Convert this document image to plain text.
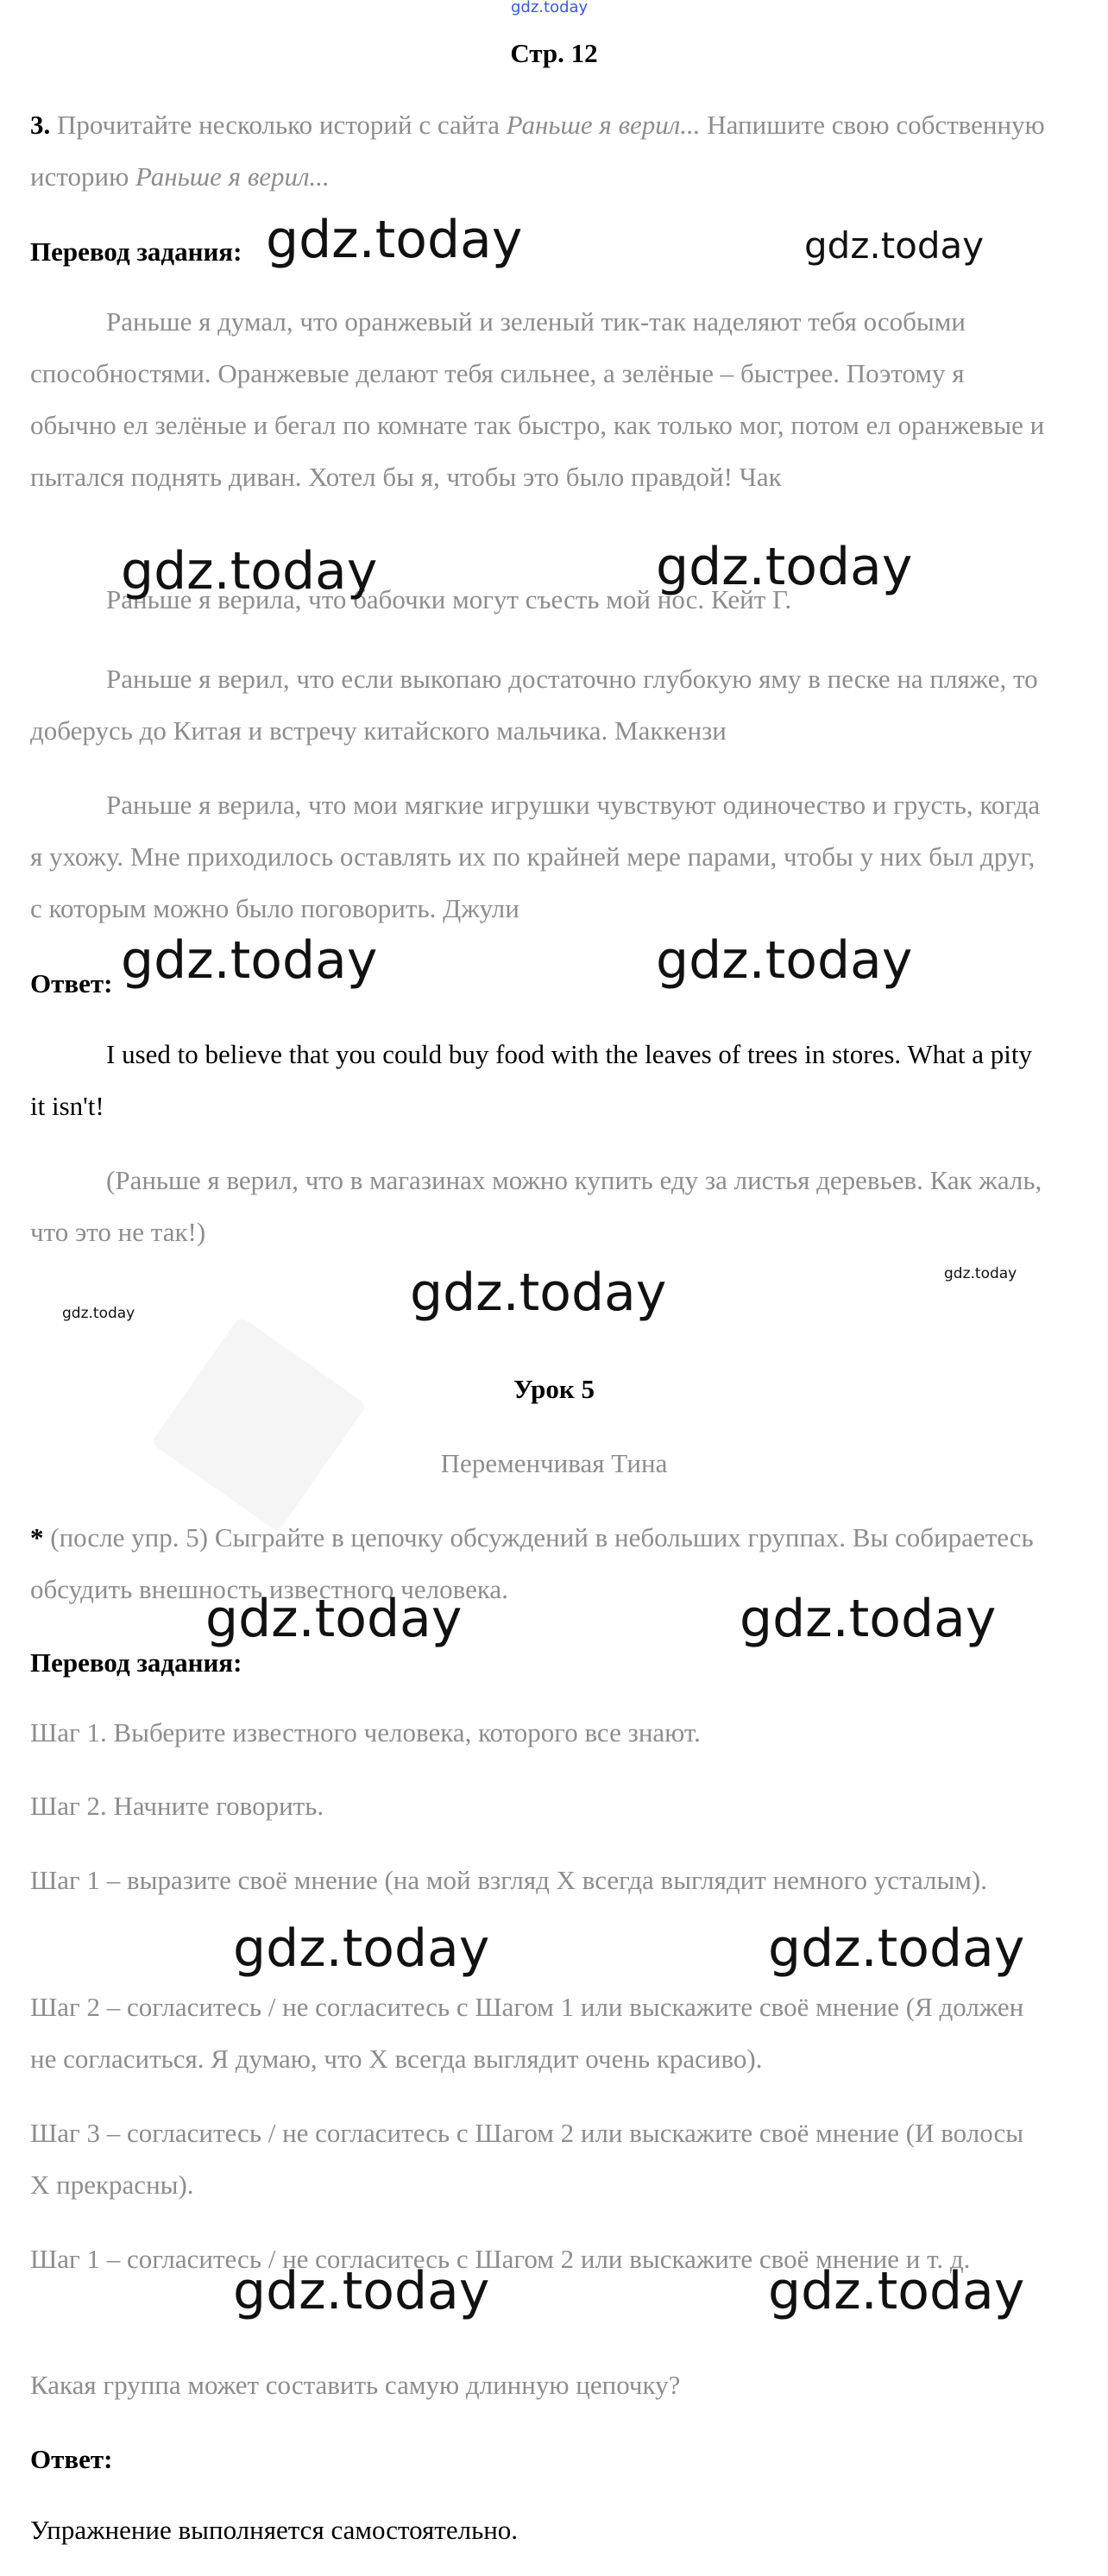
gdz.today

Стр. 12

3. Прочитайте несколько историй с сайта Раньше я верил... Напишите свою собственную историю Раньше я верил...

Перевод задания:

Раньше я думал, что оранжевый и зеленый тик-так наделяют тебя особыми способностями. Оранжевые делают тебя сильнее, а зелёные – быстрее. Поэтому я обычно ел зелёные и бегал по комнате так быстро, как только мог, потом ел оранжевые и пытался поднять диван. Хотел бы я, чтобы это было правдой! Чак

Раньше я верила, что бабочки могут съесть мой нос. Кейт Г.

Раньше я верил, что если выкопаю достаточно глубокую яму в песке на пляже, то доберусь до Китая и встречу китайского мальчика. Маккензи

Раньше я верила, что мои мягкие игрушки чувствуют одиночество и грусть, когда я ухожу. Мне приходилось оставлять их по крайней мере парами, чтобы у них был друг, с которым можно было поговорить. Джули

Ответ:

I used to believe that you could buy food with the leaves of trees in stores. What a pity it isn't!

(Раньше я верил, что в магазинах можно купить еду за листья деревьев. Как жаль, что это не так!)

Урок 5

Переменчивая Тина

* (после упр. 5) Сыграйте в цепочку обсуждений в небольших группах. Вы собираетесь обсудить внешность известного человека.

Перевод задания:

Шаг 1. Выберите известного человека, которого все знают.

Шаг 2. Начните говорить.

Шаг 1 – выразите своё мнение (на мой взгляд X всегда выглядит немного усталым).

Шаг 2 – согласитесь / не согласитесь с Шагом 1 или выскажите своё мнение (Я должен не согласиться. Я думаю, что X всегда выглядит очень красиво).

Шаг 3 – согласитесь / не согласитесь с Шагом 2 или выскажите своё мнение (И волосы X прекрасны).

Шаг 1 – согласитесь / не согласитесь с Шагом 2 или выскажите своё мнение и т. д.

Какая группа может составить самую длинную цепочку?

Ответ:

Упражнение выполняется самостоятельно.

gdz.today	gdz.today
gdz.today	gdz.today
gdz.today	gdz.today
gdz.today	gdz.today
gdz.today
gdz.today	gdz.today
gdz.today	gdz.today
gdz.today	gdz.today
